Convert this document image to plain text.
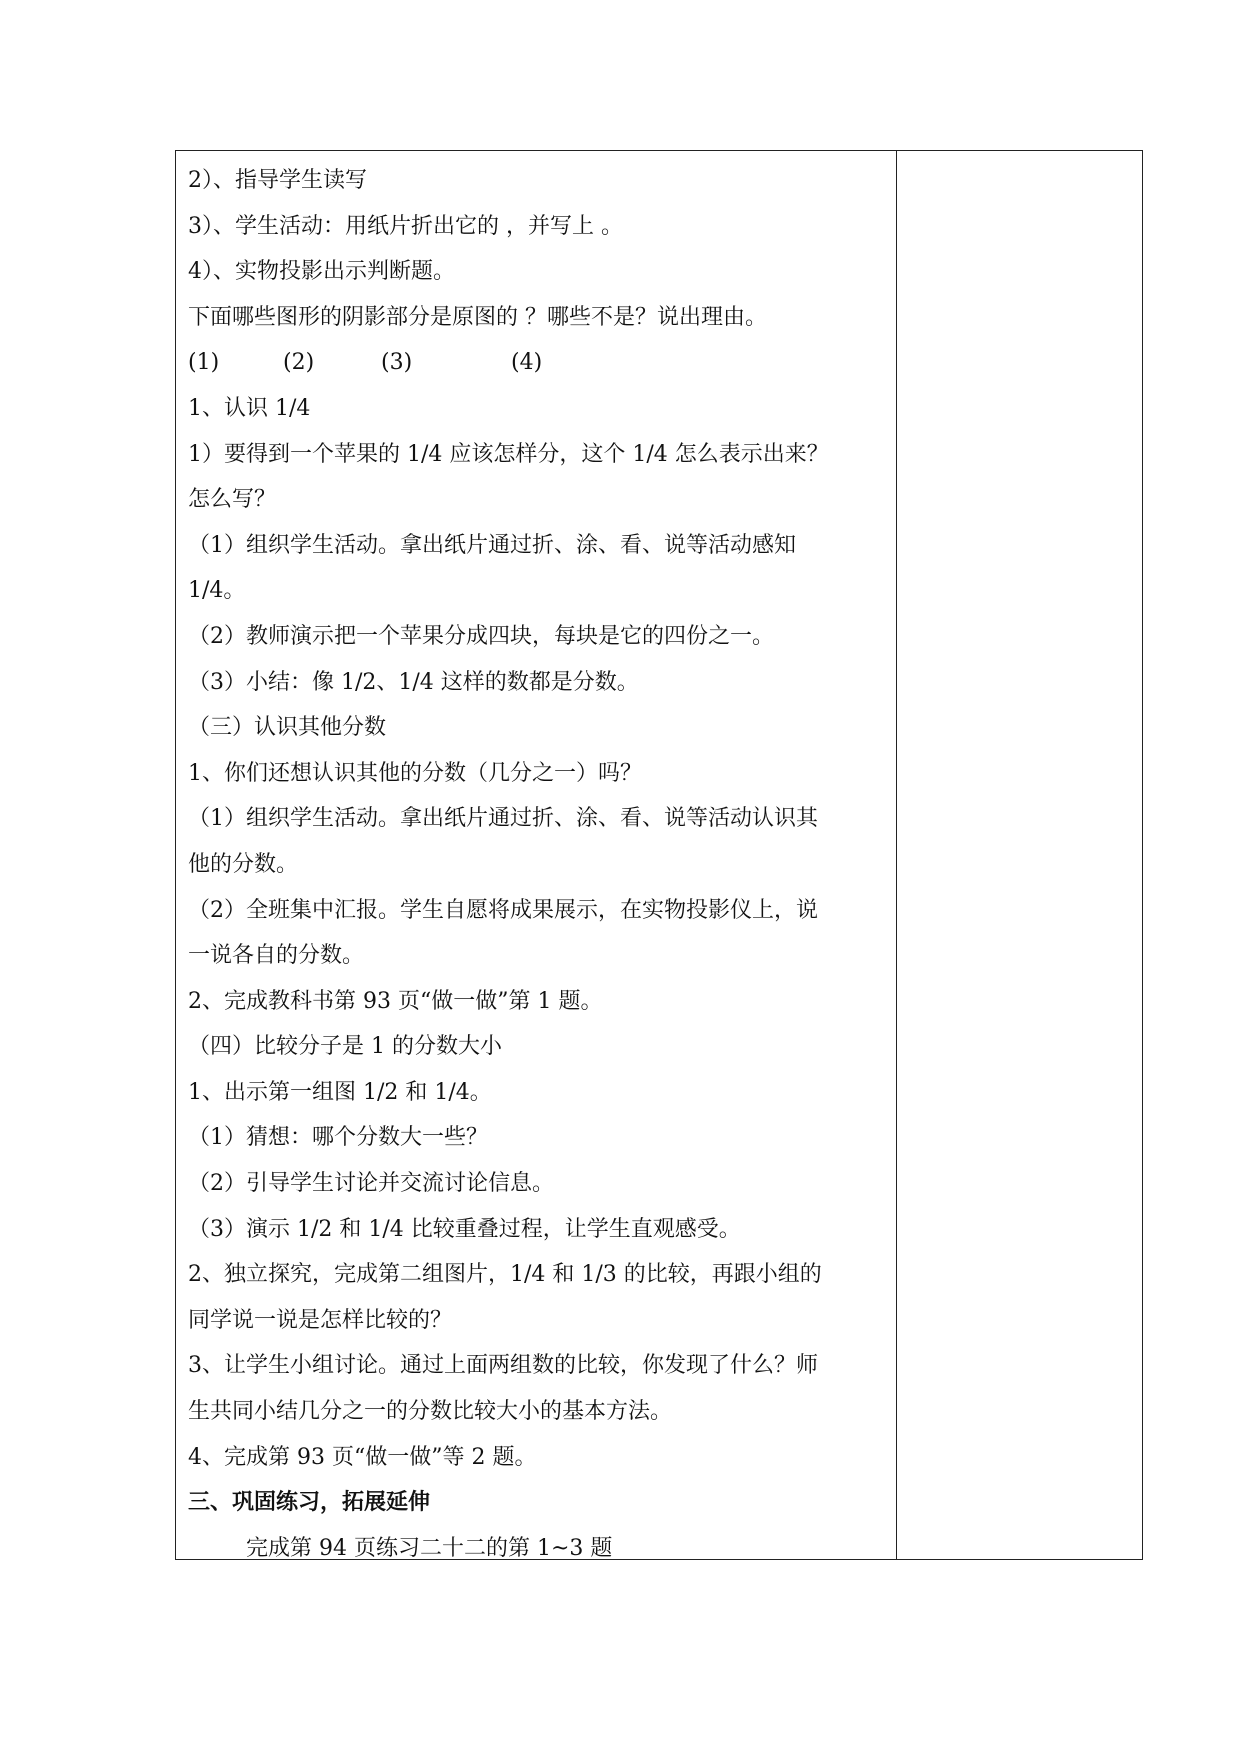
2）、指导学生读写
3）、学生活动：用纸片折出它的 ，并写上 。
4）、实物投影出示判断题。
下面哪些图形的阴影部分是原图的 ？哪些不是？说出理由。
(1)	(2)	(3)	(4)
1、认识 1/4
1）要得到一个苹果的 1/4 应该怎样分，这个 1/4 怎么表示出来？
怎么写？
（1）组织学生活动。拿出纸片通过折、涂、看、说等活动感知
1/4。
（2）教师演示把一个苹果分成四块，每块是它的四份之一。
（3）小结：像 1/2、1/4 这样的数都是分数。
（三）认识其他分数
1、你们还想认识其他的分数（几分之一）吗？
（1）组织学生活动。拿出纸片通过折、涂、看、说等活动认识其
他的分数。
（2）全班集中汇报。学生自愿将成果展示，在实物投影仪上，说
一说各自的分数。
2、完成教科书第 93 页“做一做”第 1 题。
（四）比较分子是 1 的分数大小
1、出示第一组图 1/2 和 1/4。
（1）猜想：哪个分数大一些？
（2）引导学生讨论并交流讨论信息。
（3）演示 1/2 和 1/4 比较重叠过程，让学生直观感受。
2、独立探究，完成第二组图片，1/4 和 1/3 的比较，再跟小组的
同学说一说是怎样比较的？
3、让学生小组讨论。通过上面两组数的比较，你发现了什么？师
生共同小结几分之一的分数比较大小的基本方法。
4、完成第 93 页“做一做”等 2 题。
三、巩固练习，拓展延伸
完成第 94 页练习二十二的第 1~3 题
